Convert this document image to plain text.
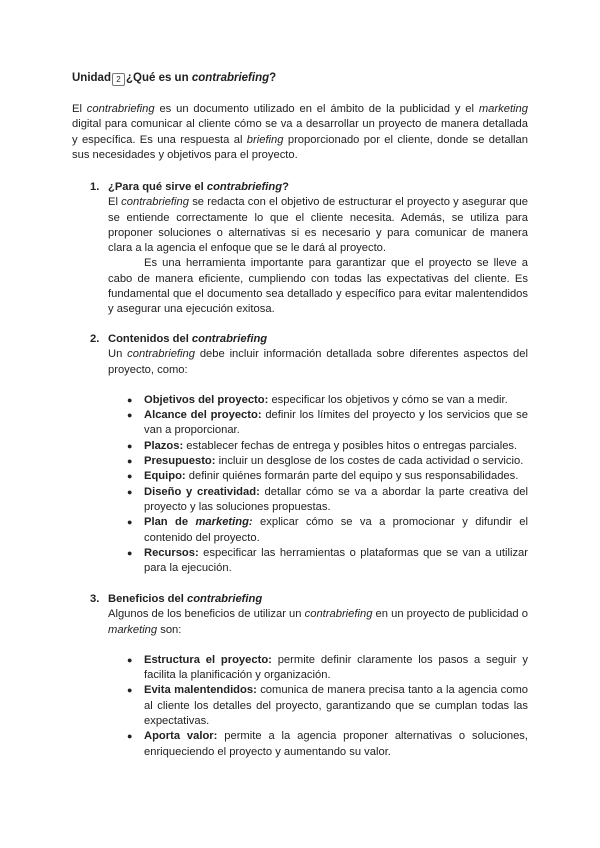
Unidad 2 ¿Qué es un contrabriefing?
El contrabriefing es un documento utilizado en el ámbito de la publicidad y el marketing digital para comunicar al cliente cómo se va a desarrollar un proyecto de manera detallada y específica. Es una respuesta al briefing proporcionado por el cliente, donde se detallan sus necesidades y objetivos para el proyecto.
1. ¿Para qué sirve el contrabriefing?
El contrabriefing se redacta con el objetivo de estructurar el proyecto y asegurar que se entiende correctamente lo que el cliente necesita. Además, se utiliza para proponer soluciones o alternativas si es necesario y para comunicar de manera clara a la agencia el enfoque que se le dará al proyecto.
Es una herramienta importante para garantizar que el proyecto se lleve a cabo de manera eficiente, cumpliendo con todas las expectativas del cliente. Es fundamental que el documento sea detallado y específico para evitar malentendidos y asegurar una ejecución exitosa.
2. Contenidos del contrabriefing
Un contrabriefing debe incluir información detallada sobre diferentes aspectos del proyecto, como:
● Objetivos del proyecto: especificar los objetivos y cómo se van a medir.
● Alcance del proyecto: definir los límites del proyecto y los servicios que se van a proporcionar.
● Plazos: establecer fechas de entrega y posibles hitos o entregas parciales.
● Presupuesto: incluir un desglose de los costes de cada actividad o servicio.
● Equipo: definir quiénes formarán parte del equipo y sus responsabilidades.
● Diseño y creatividad: detallar cómo se va a abordar la parte creativa del proyecto y las soluciones propuestas.
● Plan de marketing: explicar cómo se va a promocionar y difundir el contenido del proyecto.
● Recursos: especificar las herramientas o plataformas que se van a utilizar para la ejecución.
3. Beneficios del contrabriefing
Algunos de los beneficios de utilizar un contrabriefing en un proyecto de publicidad o marketing son:
● Estructura el proyecto: permite definir claramente los pasos a seguir y facilita la planificación y organización.
● Evita malentendidos: comunica de manera precisa tanto a la agencia como al cliente los detalles del proyecto, garantizando que se cumplan todas las expectativas.
● Aporta valor: permite a la agencia proponer alternativas o soluciones, enriqueciendo el proyecto y aumentando su valor.
